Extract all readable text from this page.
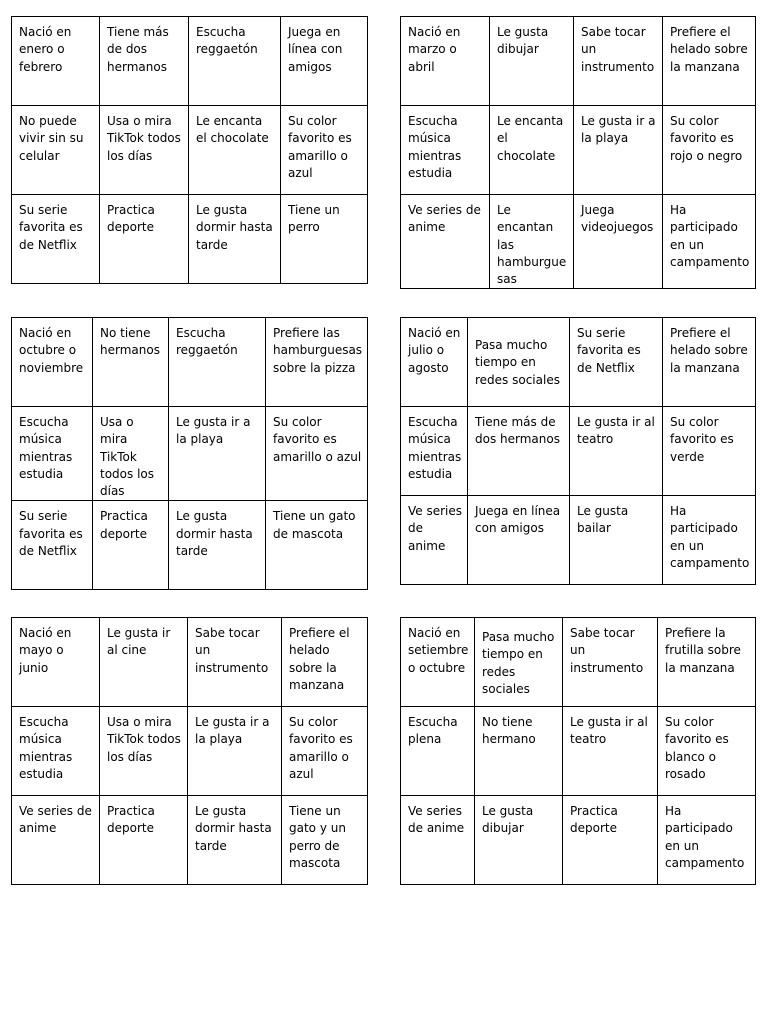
Nació en enero o febrero	Tiene más de dos hermanos	Escucha reggaetón	Juega en línea con amigos
No puede vivir sin su celular	Usa o mira TikTok todos los días	Le encanta el chocolate	Su color favorito es amarillo o azul
Su serie favorita es de Netflix	Practica deporte	Le gusta dormir hasta tarde	Tiene un perro
Nació en marzo o abril	Le gusta dibujar	Sabe tocar un instrumento	Prefiere el helado sobre la manzana
Escucha música mientras estudia	Le encanta el chocolate	Le gusta ir a la playa	Su color favorito es rojo o negro
Ve series de anime	Le encantan las hamburgue sas	Juega videojuegos	Ha participado en un campamento
Nació en octubre o noviembre	No tiene hermanos	Escucha reggaetón	Prefiere las hamburguesas sobre la pizza
Escucha música mientras estudia	Usa o mira TikTok todos los días	Le gusta ir a la playa	Su color favorito es amarillo o azul
Su serie favorita es de Netflix	Practica deporte	Le gusta dormir hasta tarde	Tiene un gato de mascota
Nació en julio o agosto	Pasa mucho tiempo en redes sociales	Su serie favorita es de Netflix	Prefiere el helado sobre la manzana
Escucha música mientras estudia	Tiene más de dos hermanos	Le gusta ir al teatro	Su color favorito es verde
Ve series de anime	Juega en línea con amigos	Le gusta bailar	Ha participado en un campamento
Nació en mayo o junio	Le gusta ir al cine	Sabe tocar un instrumento	Prefiere el helado sobre la manzana
Escucha música mientras estudia	Usa o mira TikTok todos los días	Le gusta ir a la playa	Su color favorito es amarillo o azul
Ve series de anime	Practica deporte	Le gusta dormir hasta tarde	Tiene un gato y un perro de mascota
Nació en setiembre o octubre	Pasa mucho tiempo en redes sociales	Sabe tocar un instrumento	Prefiere la frutilla sobre la manzana
Escucha plena	No tiene hermano	Le gusta ir al teatro	Su color favorito es blanco o rosado
Ve series de anime	Le gusta dibujar	Practica deporte	Ha participado en un campamento
